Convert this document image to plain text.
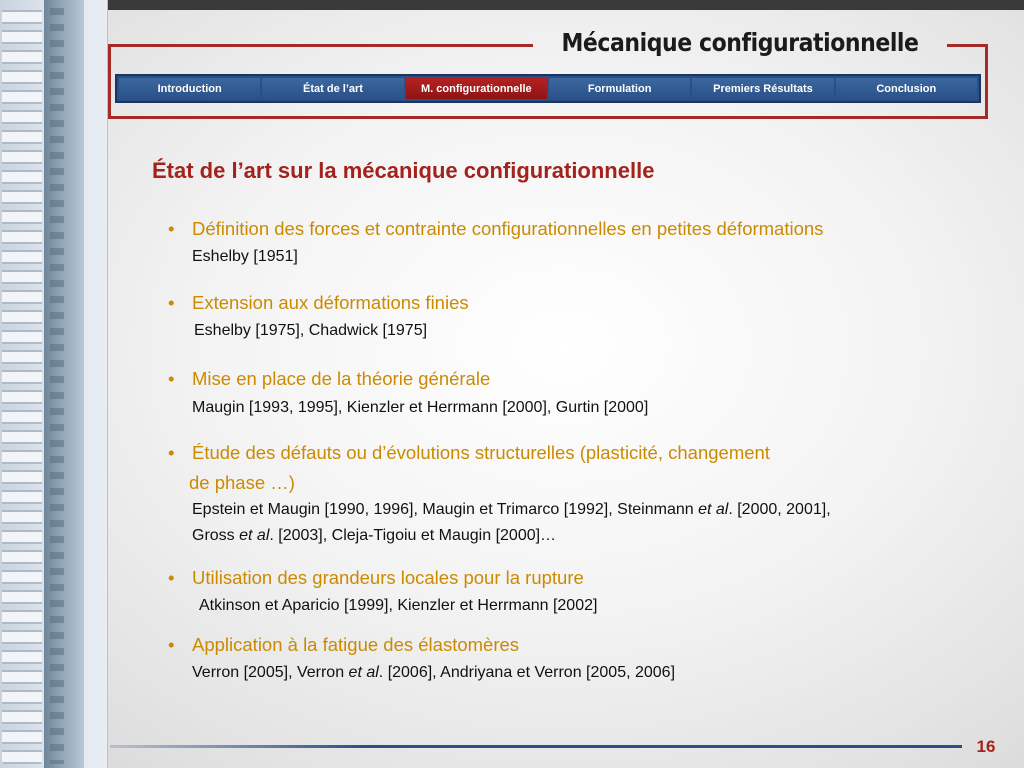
Mécanique configurationnelle
Introduction	État de l’art	M. configurationnelle	Formulation	Premiers Résultats	Conclusion
État de l’art sur la mécanique configurationnelle
• Définition des forces et contrainte configurationnelles en petites déformations
Eshelby [1951]
• Extension aux déformations finies
Eshelby [1975], Chadwick [1975]
• Mise en place de la théorie générale
Maugin [1993, 1995], Kienzler et Herrmann [2000], Gurtin [2000]
• Étude des défauts ou d’évolutions structurelles (plasticité, changement
de phase …)
Epstein et Maugin [1990, 1996], Maugin et Trimarco [1992], Steinmann et al. [2000, 2001],
Gross et al. [2003], Cleja-Tigoiu et Maugin [2000]…
• Utilisation des grandeurs locales pour la rupture
Atkinson et Aparicio [1999], Kienzler et Herrmann [2002]
• Application à la fatigue des élastomères
Verron [2005], Verron et al. [2006], Andriyana et Verron [2005, 2006]
16
